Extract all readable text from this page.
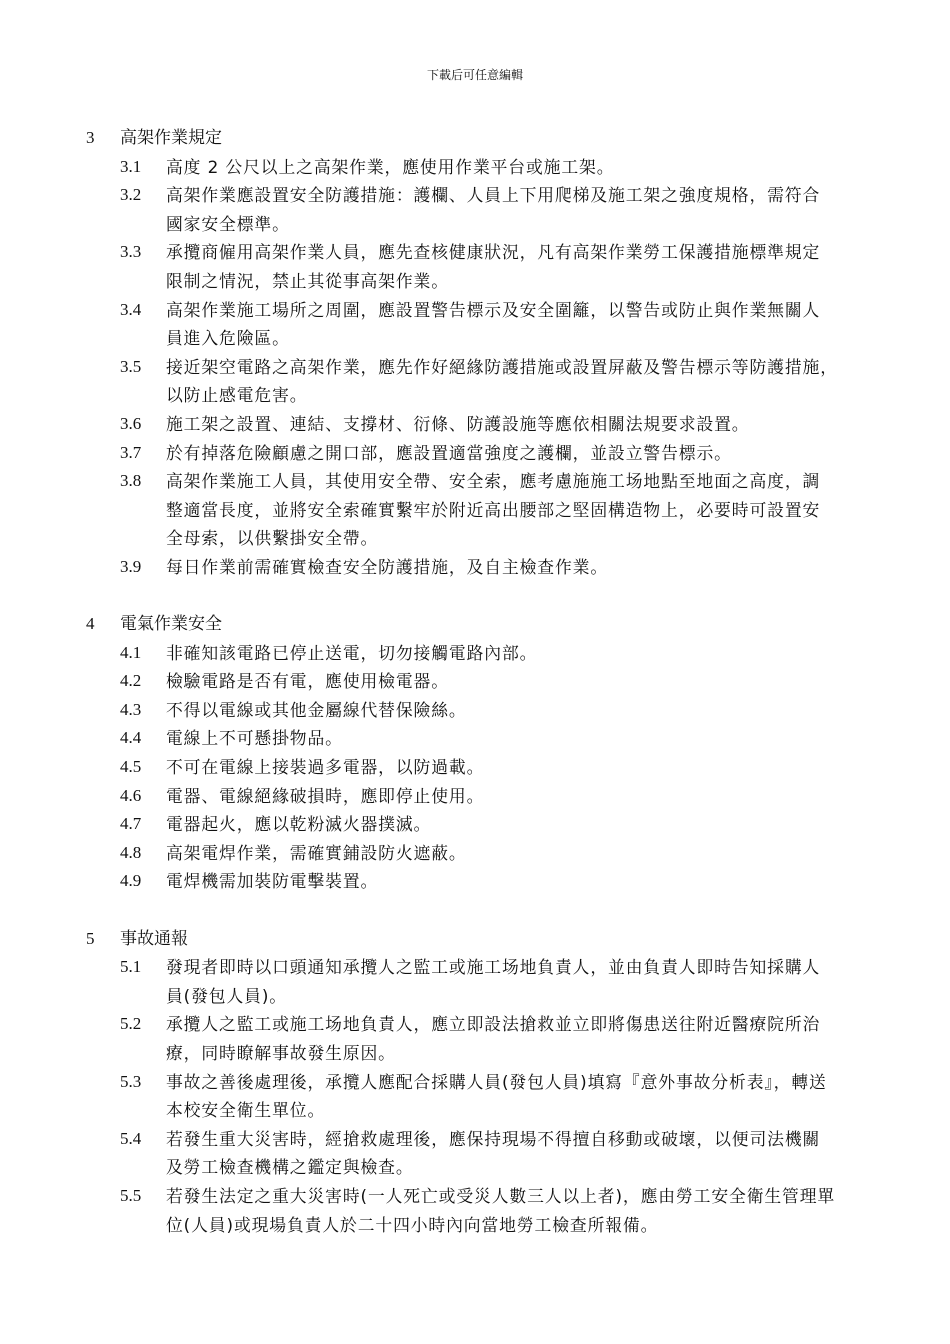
下載后可任意編輯
3 高架作業規定
3.1 高度 2 公尺以上之高架作業，應使用作業平台或施工架。
3.2 高架作業應設置安全防護措施：護欄、人員上下用爬梯及施工架之強度規格，需符合
國家安全標準。
3.3 承攬商僱用高架作業人員，應先查核健康狀況，凡有高架作業勞工保護措施標準規定
限制之情況，禁止其從事高架作業。
3.4 高架作業施工場所之周圍，應設置警告標示及安全圍籬，以警告或防止與作業無關人
員進入危險區。
3.5 接近架空電路之高架作業，應先作好絕緣防護措施或設置屏蔽及警告標示等防護措施，
以防止感電危害。
3.6 施工架之設置、連結、支撐材、衍條、防護設施等應依相關法規要求設置。
3.7 於有掉落危險顧慮之開口部，應設置適當強度之護欄，並設立警告標示。
3.8 高架作業施工人員，其使用安全帶、安全索，應考慮施施工场地點至地面之高度，調
整適當長度，並將安全索確實繫牢於附近高出腰部之堅固構造物上，必要時可設置安
全母索，以供繫掛安全帶。
3.9 每日作業前需確實檢查安全防護措施，及自主檢查作業。
4 電氣作業安全
4.1 非確知該電路已停止送電，切勿接觸電路內部。
4.2 檢驗電路是否有電，應使用檢電器。
4.3 不得以電線或其他金屬線代替保險絲。
4.4 電線上不可懸掛物品。
4.5 不可在電線上接裝過多電器，以防過載。
4.6 電器、電線絕緣破損時，應即停止使用。
4.7 電器起火，應以乾粉滅火器撲滅。
4.8 高架電焊作業，需確實鋪設防火遮蔽。
4.9 電焊機需加裝防電擊裝置。
5 事故通報
5.1 發現者即時以口頭通知承攬人之監工或施工场地負責人，並由負責人即時告知採購人
員(發包人員)。
5.2 承攬人之監工或施工场地負責人，應立即設法搶救並立即將傷患送往附近醫療院所治
療，同時瞭解事故發生原因。
5.3 事故之善後處理後，承攬人應配合採購人員(發包人員)填寫『意外事故分析表』，轉送
本校安全衛生單位。
5.4 若發生重大災害時，經搶救處理後，應保持現場不得擅自移動或破壞，以便司法機關
及勞工檢查機構之鑑定與檢查。
5.5 若發生法定之重大災害時(一人死亡或受災人數三人以上者)，應由勞工安全衛生管理單
位(人員)或現場負責人於二十四小時內向當地勞工檢查所報備。
